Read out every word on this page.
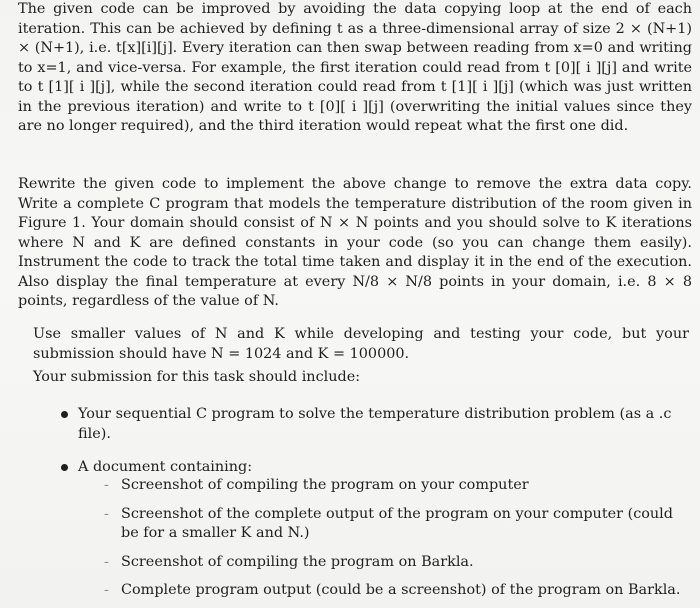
The given code can be improved by avoiding the data copying loop at the end of each iteration. This can be achieved by defining t as a three-dimensional array of size 2 × (N+1) × (N+1), i.e. t[x][i][j]. Every iteration can then swap between reading from x=0 and writing to x=1, and vice-versa. For example, the first iteration could read from t [0][ i ][j] and write to t [1][ i ][j], while the second iteration could read from t [1][ i ][j] (which was just written in the previous iteration) and write to t [0][ i ][j] (overwriting the initial values since they are no longer required), and the third iteration would repeat what the first one did.

Rewrite the given code to implement the above change to remove the extra data copy. Write a complete C program that models the temperature distribution of the room given in Figure 1. Your domain should consist of N × N points and you should solve to K iterations where N and K are defined constants in your code (so you can change them easily). Instrument the code to track the total time taken and display it in the end of the execution. Also display the final temperature at every N/8 × N/8 points in your domain, i.e. 8 × 8 points, regardless of the value of N.

Use smaller values of N and K while developing and testing your code, but your submission should have N = 1024 and K = 100000.

Your submission for this task should include:

Your sequential C program to solve the temperature distribution problem (as a .c file).
A document containing:
- Screenshot of compiling the program on your computer
- Screenshot of the complete output of the program on your computer (could be for a smaller K and N.)
- Screenshot of compiling the program on Barkla.
- Complete program output (could be a screenshot) of the program on Barkla.
